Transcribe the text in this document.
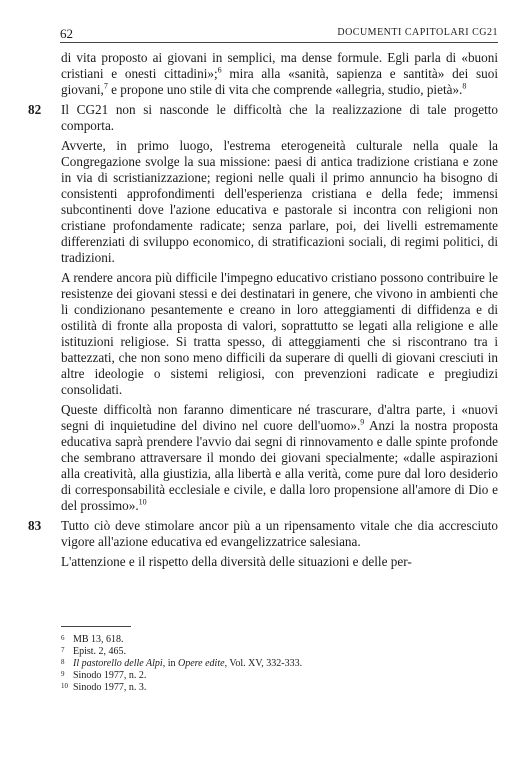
62	DOCUMENTI CAPITOLARI CG21

di vita proposto ai giovani in semplici, ma dense formule. Egli parla di «buoni cristiani e onesti cittadini»;$^6$ mira alla «sanità, sapienza e santità» dei suoi giovani,$^7$ e propone uno stile di vita che comprende «allegria, studio, pietà».$^8$

82	Il CG21 non si nasconde le difficoltà che la realizzazione di tale progetto comporta.

Avverte, in primo luogo, l'estrema eterogeneità culturale nella quale la Congregazione svolge la sua missione: paesi di antica tradizione cristiana e zone in via di scristianizzazione; regioni nelle quali il primo annuncio ha bisogno di consistenti approfondimenti dell'esperienza cristiana e della fede; immensi subcontinenti dove l'azione educativa e pastorale si incontra con religioni non cristiane profondamente radicate; senza parlare, poi, dei livelli estremamente differenziati di sviluppo economico, di stratificazioni sociali, di regimi politici, di tradizioni.

A rendere ancora più difficile l'impegno educativo cristiano possono contribuire le resistenze dei giovani stessi e dei destinatari in genere, che vivono in ambienti che li condizionano pesantemente e creano in loro atteggiamenti di diffidenza e di ostilità di fronte alla proposta di valori, soprattutto se legati alla religione e alle istituzioni religiose. Si tratta spesso, di atteggiamenti che si riscontrano tra i battezzati, che non sono meno difficili da superare di quelli di giovani cresciuti in altre ideologie o sistemi religiosi, con prevenzioni radicate e pregiudizi consolidati.

Queste difficoltà non faranno dimenticare né trascurare, d'altra parte, i «nuovi segni di inquietudine del divino nel cuore dell'uomo».$^9$ Anzi la nostra proposta educativa saprà prendere l'avvio dai segni di rinnovamento e dalle spinte profonde che sembrano attraversare il mondo dei giovani specialmente; «dalle aspirazioni alla creatività, alla giustizia, alla libertà e alla verità, come pure dal loro desiderio di corresponsabilità ecclesiale e civile, e dalla loro propensione all'amore di Dio e del prossimo».$^{10}$

83	Tutto ciò deve stimolare ancor più a un ripensamento vitale che dia accresciuto vigore all'azione educativa ed evangelizzatrice salesiana.

L'attenzione e il rispetto della diversità delle situazioni e delle per-

6 MB 13, 618.
7 Epist. 2, 465.
8 Il pastorello delle Alpi, in Opere edite, Vol. XV, 332-333.
9 Sinodo 1977, n. 2.
10 Sinodo 1977, n. 3.
